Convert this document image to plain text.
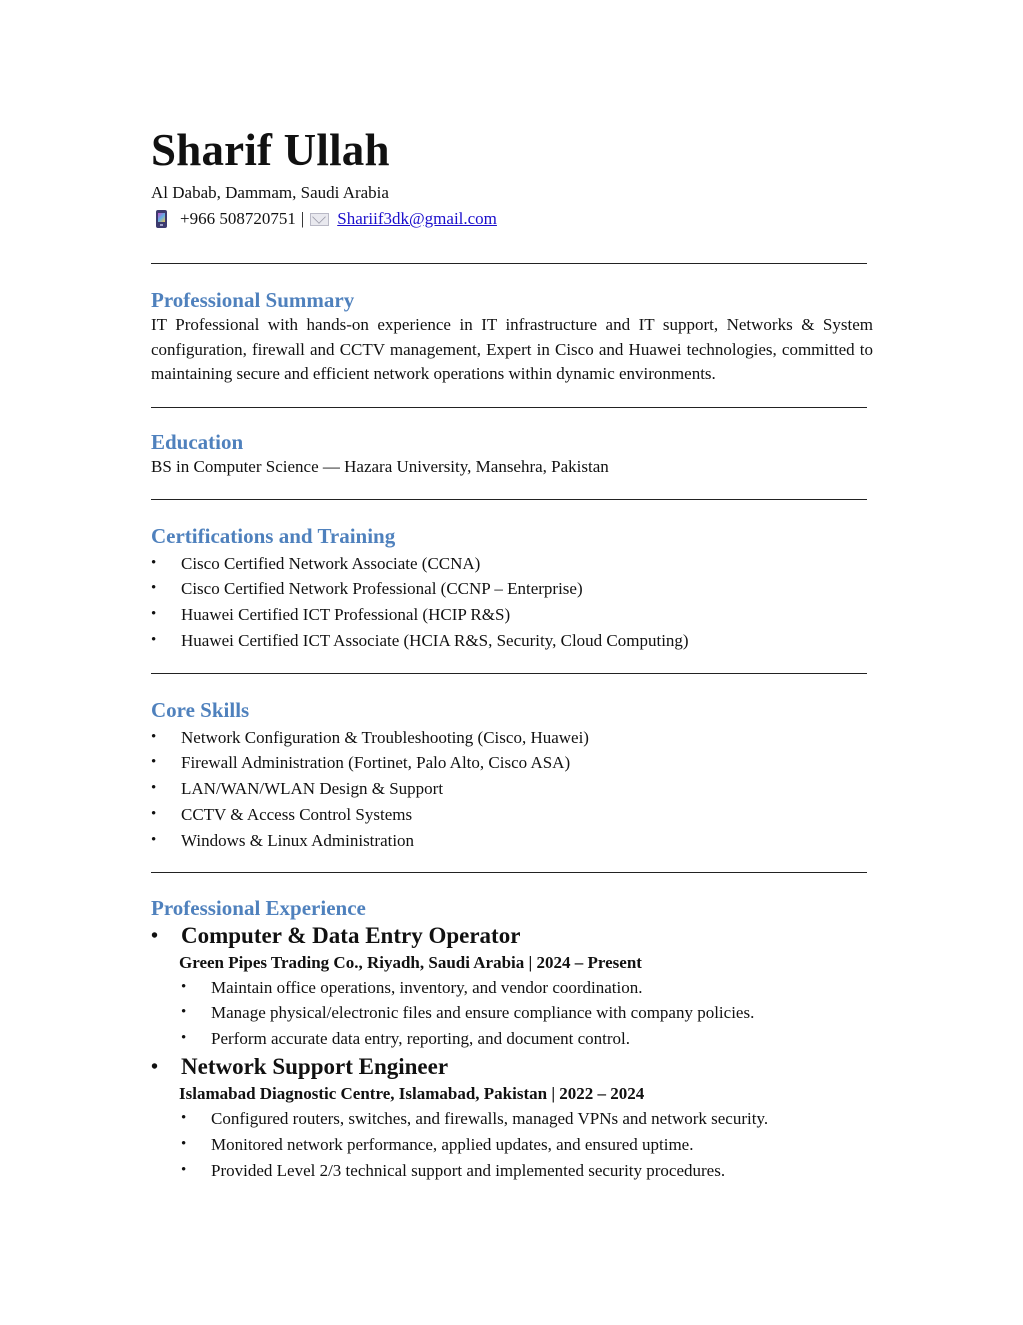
Sharif Ullah
Al Dabab, Dammam, Saudi Arabia
+966 508720751 | Shariif3dk@gmail.com
Professional Summary
IT Professional with hands-on experience in IT infrastructure and IT support, Networks & System configuration, firewall and CCTV management, Expert in Cisco and Huawei technologies, committed to maintaining secure and efficient network operations within dynamic environments.
Education
BS in Computer Science — Hazara University, Mansehra, Pakistan
Certifications and Training
• Cisco Certified Network Associate (CCNA)
• Cisco Certified Network Professional (CCNP – Enterprise)
• Huawei Certified ICT Professional (HCIP R&S)
• Huawei Certified ICT Associate (HCIA R&S, Security, Cloud Computing)
Core Skills
• Network Configuration & Troubleshooting (Cisco, Huawei)
• Firewall Administration (Fortinet, Palo Alto, Cisco ASA)
• LAN/WAN/WLAN Design & Support
• CCTV & Access Control Systems
• Windows & Linux Administration
Professional Experience
• Computer & Data Entry Operator
Green Pipes Trading Co., Riyadh, Saudi Arabia | 2024 – Present
• Maintain office operations, inventory, and vendor coordination.
• Manage physical/electronic files and ensure compliance with company policies.
• Perform accurate data entry, reporting, and document control.
• Network Support Engineer
Islamabad Diagnostic Centre, Islamabad, Pakistan | 2022 – 2024
• Configured routers, switches, and firewalls, managed VPNs and network security.
• Monitored network performance, applied updates, and ensured uptime.
• Provided Level 2/3 technical support and implemented security procedures.
